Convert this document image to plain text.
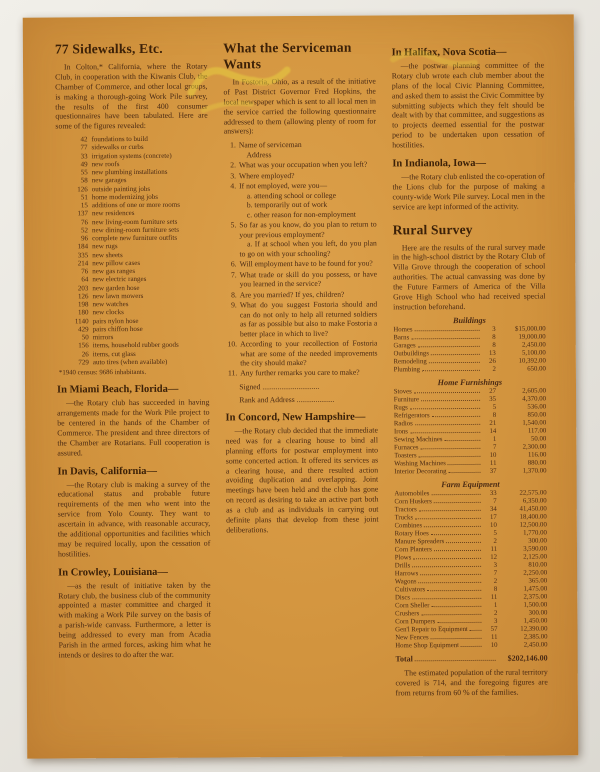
77 Sidewalks, Etc.

In Colton,* California, where the Rotary Club, in cooperation with the Kiwanis Club, the Chamber of Commerce, and other local groups, is making a thorough-going Work Pile survey, the results of the first 400 consumer questionnaires have been tabulated. Here are some of the figures revealed:

42 foundations to build
77 sidewalks or curbs
33 irrigation systems (concrete)
49 new roofs
55 new plumbing installations
58 new garages
126 outside painting jobs
51 home modernizing jobs
15 additions of one or more rooms
137 new residences
76 new living-room furniture sets
52 new dining-room furniture sets
96 complete new furniture outfits
184 new rugs
335 new sheets
214 new pillow cases
76 new gas ranges
64 new electric ranges
203 new garden hose
126 new lawn mowers
198 new watches
180 new clocks
1140 pairs nylon hose
429 pairs chiffon hose
50 mirrors
156 items, household rubber goods
26 items, cut glass
729 auto tires (when available)

*1940 census: 9686 inhabitants.

In Miami Beach, Florida—

—the Rotary club has succeeded in having arrangements made for the Work Pile project to be centered in the hands of the Chamber of Commerce. The president and three directors of the Chamber are Rotarians. Full cooperation is assured.

In Davis, California—

—the Rotary club is making a survey of the educational status and probable future requirements of the men who went into the service from Yolo County. They want to ascertain in advance, with reasonable accuracy, the additional opportunities and facilities which may be required locally, upon the cessation of hostilities.

In Crowley, Louisiana—

—as the result of initiative taken by the Rotary club, the business club of the community appointed a master committee and charged it with making a Work Pile survey on the basis of a parish-wide canvass. Furthermore, a letter is being addressed to every man from Acadia Parish in the armed forces, asking him what he intends or desires to do after the war.

What the Serviceman Wants

In Fostoria, Ohio, as a result of the initiative of Past District Governor Fred Hopkins, the local newspaper which is sent to all local men in the service carried the following questionnaire addressed to them (allowing plenty of room for answers):

1. Name of serviceman
 Address
2. What was your occupation when you left?
3. Where employed?
4. If not employed, were you—
 a. attending school or college
 b. temporarily out of work
 c. other reason for non-employment
5. So far as you know, do you plan to return to your previous employment?
 a. If at school when you left, do you plan to go on with your schooling?
6. Will employment have to be found for you?
7. What trade or skill do you possess, or have you learned in the service?
8. Are you married? If yes, children?
9. What do you suggest Fostoria should and can do not only to help all returned soldiers as far as possible but also to make Fostoria a better place in which to live?
10. According to your recollection of Fostoria what are some of the needed improvements the city should make?
11. Any further remarks you care to make?

Signed ..............................

Rank and Address ....................

In Concord, New Hampshire—

—the Rotary club decided that the immediate need was for a clearing house to bind all planning efforts for postwar employment into some concerted action. It offered its services as a clearing house, and there resulted action avoiding duplication and overlapping. Joint meetings have been held and the club has gone on record as desiring to take an active part both as a club and as individuals in carrying out definite plans that develop from these joint deliberations.

In Halifax, Nova Scotia—

—the postwar planning committee of the Rotary club wrote each club member about the plans of the local Civic Planning Committee, and asked them to assist the Civic Committee by submitting subjects which they felt should be dealt with by that committee, and suggestions as to projects deemed essential for the postwar period to be undertaken upon cessation of hostilities.

In Indianola, Iowa—

—the Rotary club enlisted the co-operation of the Lions club for the purpose of making a county-wide Work Pile survey. Local men in the service are kept informed of the activity.

Rural Survey

Here are the results of the rural survey made in the high-school district by the Rotary Club of Villa Grove through the cooperation of school authorities. The actual canvassing was done by the Future Farmers of America of the Villa Grove High School who had received special instruction beforehand.

Buildings
Homes	3	$15,000.00
Barns	8	19,000.00
Garages	8	2,450.00
Outbuildings	13	5,100.00
Remodeling	26	10,392.00
Plumbing	2	650.00
Home Furnishings
Stoves	27	2,605.00
Furniture	35	4,370.00
Rugs	5	536.00
Refrigerators	8	850.00
Radios	21	1,540.00
Irons	14	117.00
Sewing Machines	1	50.00
Furnaces	7	2,300.00
Toasters	10	116.00
Washing Machines	11	880.00
Interior Decorating	37	1,370.00
Farm Equipment
Automobiles	33	22,575.00
Corn Huskers	7	6,350.00
Tractors	34	41,450.00
Trucks	17	18,400.00
Combines	10	12,500.00
Rotary Hoes	5	1,770.00
Manure Spreaders	2	300.00
Corn Planters	11	3,590.00
Plows	12	2,125.00
Drills	3	810.00
Harrows	7	2,250.00
Wagons	2	365.00
Cultivators	8	1,475.00
Discs	11	2,375.00
Corn Sheller	1	1,500.00
Crushers	2	300.00
Corn Dumpers	3	1,450.00
Gen'l Repair to Equipment	57	12,390.00
New Fences	11	2,385.00
Home Shop Equipment	10	2,450.00
Total	$202,146.00

The estimated population of the rural territory covered is 714, and the foregoing figures are from returns from 60 % of the families.
